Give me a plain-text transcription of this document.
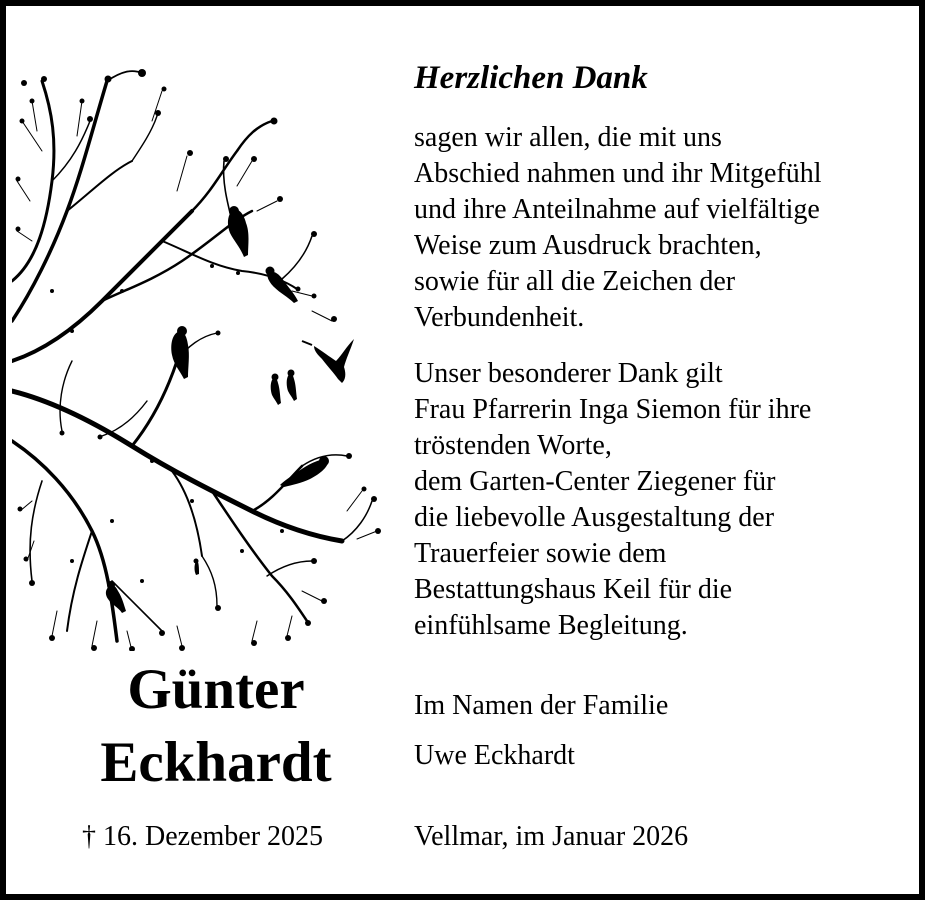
Herzlichen Dank
sagen wir allen, die mit uns
Abschied nahmen und ihr Mitgefühl
und ihre Anteilnahme auf vielfältige
Weise zum Ausdruck brachten,
sowie für all die Zeichen der
Verbundenheit.
Unser besonderer Dank gilt
Frau Pfarrerin Inga Siemon für ihre
tröstenden Worte,
dem Garten-Center Ziegener für
die liebevolle Ausgestaltung der
Trauerfeier sowie dem
Bestattungshaus Keil für die
einfühlsame Begleitung.
Im Namen der Familie
Uwe Eckhardt
Vellmar, im Januar 2026
Günter
Eckhardt
† 16. Dezember 2025
